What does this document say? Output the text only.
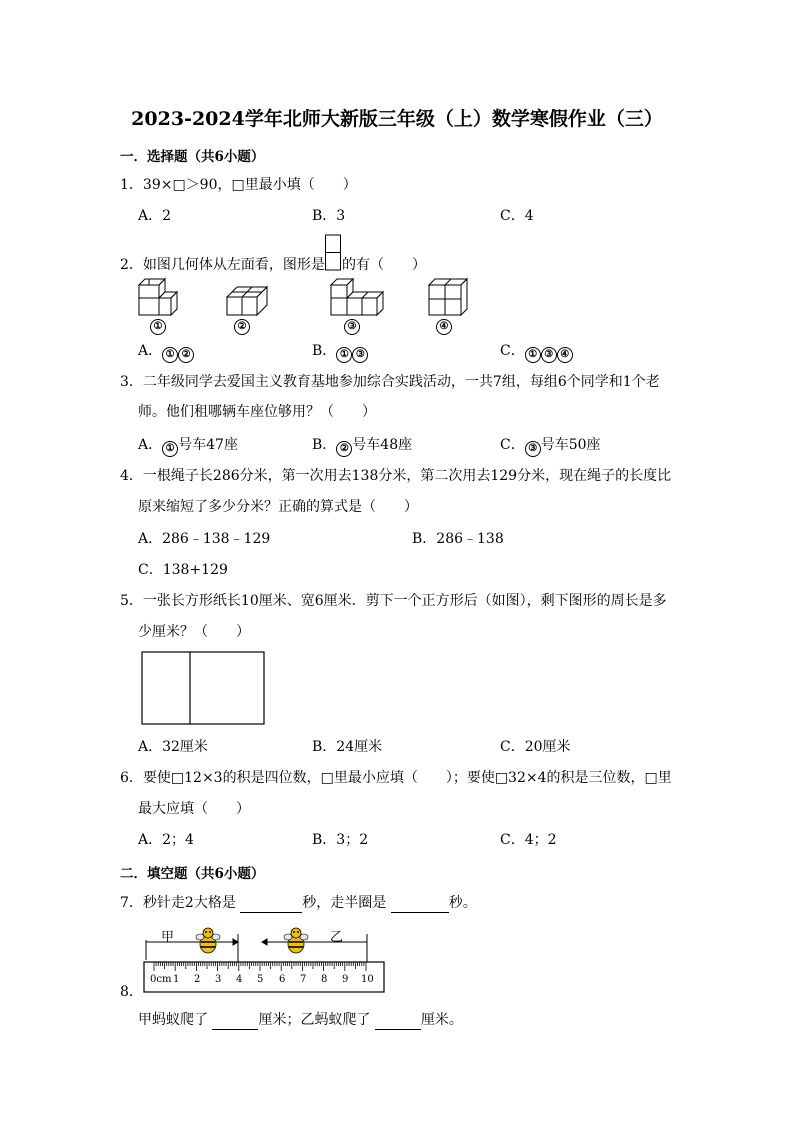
2023-2024学年北师大新版三年级（上）数学寒假作业（三）
一．选择题（共6小题）
1．39×□＞90，□里最小填（　　）
A．2	B．3	C．4
2．如图几何体从左面看，图形是 的有（　　）
①	②	③	④
A． ① ②	B． ① ③	C． ① ③ ④
3．二年级同学去爱国主义教育基地参加综合实践活动，一共7组，每组6个同学和1个老
师。他们租哪辆车座位够用？（　　）
A． ① 号车47座	B． ② 号车48座	C． ③ 号车50座
4．一根绳子长286分米，第一次用去138分米，第二次用去129分米，现在绳子的长度比
原来缩短了多少分米？正确的算式是（　　）
A．286﹣138﹣129	B．286﹣138
C．138+129
5．一张长方形纸长10厘米、宽6厘米．剪下一个正方形后（如图），剩下图形的周长是多
少厘米？（　　）
A．32厘米	B．24厘米	C．20厘米
6．要使□12×3的积是四位数，□里最小应填（　　）；要使□32×4的积是三位数，□里
最大应填（　　）
A．2；4	B．3；2	C．4；2
二．填空题（共6小题）
7．秒针走2大格是	秒，走半圈是	秒。
甲	乙
0cm 1 2 3 4 5 6 7 8 9 10
8．
甲蚂蚁爬了	厘米；乙蚂蚁爬了	厘米。
